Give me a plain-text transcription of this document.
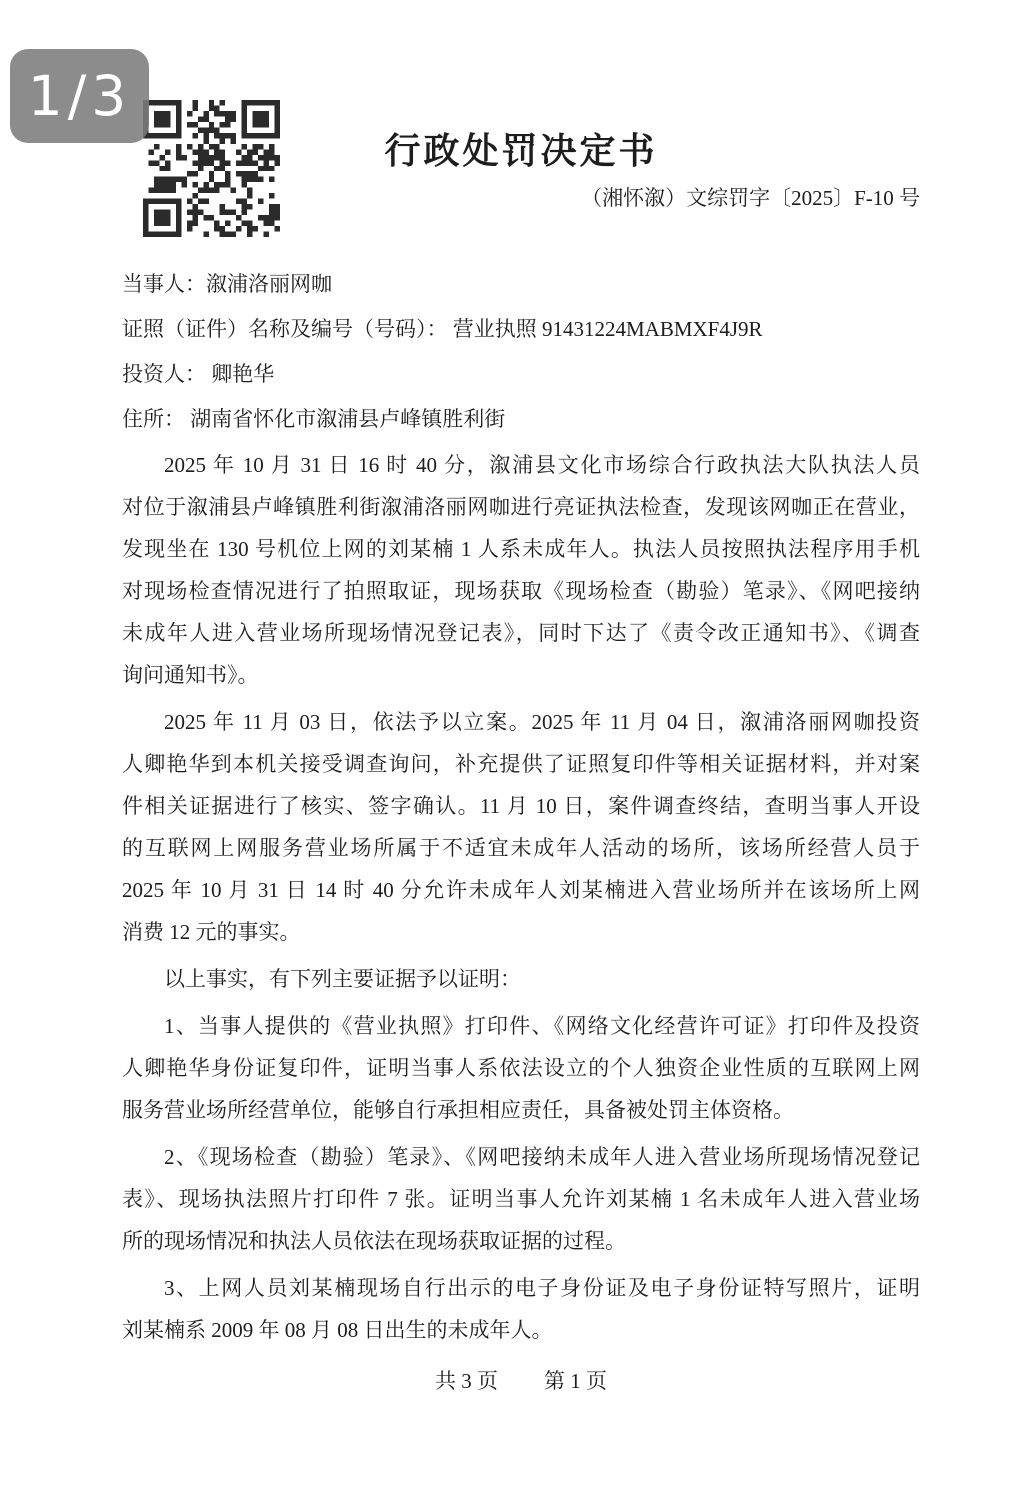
1/3
行政处罚决定书
（湘怀溆）文综罚字〔2025〕F-10 号
当事人：溆浦洛丽网咖
证照（证件）名称及编号（号码）： 营业执照 91431224MABMXF4J9R
投资人： 卿艳华
住所： 湖南省怀化市溆浦县卢峰镇胜利街
2025 年 10 月 31 日 16 时 40 分，溆浦县文化市场综合行政执法大队执法人员
对位于溆浦县卢峰镇胜利街溆浦洛丽网咖进行亮证执法检查，发现该网咖正在营业，
发现坐在 130 号机位上网的刘某楠 1 人系未成年人。执法人员按照执法程序用手机
对现场检查情况进行了拍照取证，现场获取《现场检查（勘验）笔录》、《网吧接纳
未成年人进入营业场所现场情况登记表》，同时下达了《责令改正通知书》、《调查
询问通知书》。
2025 年 11 月 03 日，依法予以立案。2025 年 11 月 04 日，溆浦洛丽网咖投资
人卿艳华到本机关接受调查询问，补充提供了证照复印件等相关证据材料，并对案
件相关证据进行了核实、签字确认。11 月 10 日，案件调查终结，查明当事人开设
的互联网上网服务营业场所属于不适宜未成年人活动的场所，该场所经营人员于
2025 年 10 月 31 日 14 时 40 分允许未成年人刘某楠进入营业场所并在该场所上网
消费 12 元的事实。
以上事实，有下列主要证据予以证明：
1、当事人提供的《营业执照》打印件、《网络文化经营许可证》打印件及投资
人卿艳华身份证复印件，证明当事人系依法设立的个人独资企业性质的互联网上网
服务营业场所经营单位，能够自行承担相应责任，具备被处罚主体资格。
2、《现场检查（勘验）笔录》、《网吧接纳未成年人进入营业场所现场情况登记
表》、现场执法照片打印件 7 张。证明当事人允许刘某楠 1 名未成年人进入营业场
所的现场情况和执法人员依法在现场获取证据的过程。
3、上网人员刘某楠现场自行出示的电子身份证及电子身份证特写照片，证明
刘某楠系 2009 年 08 月 08 日出生的未成年人。
共 3 页 第 1 页
